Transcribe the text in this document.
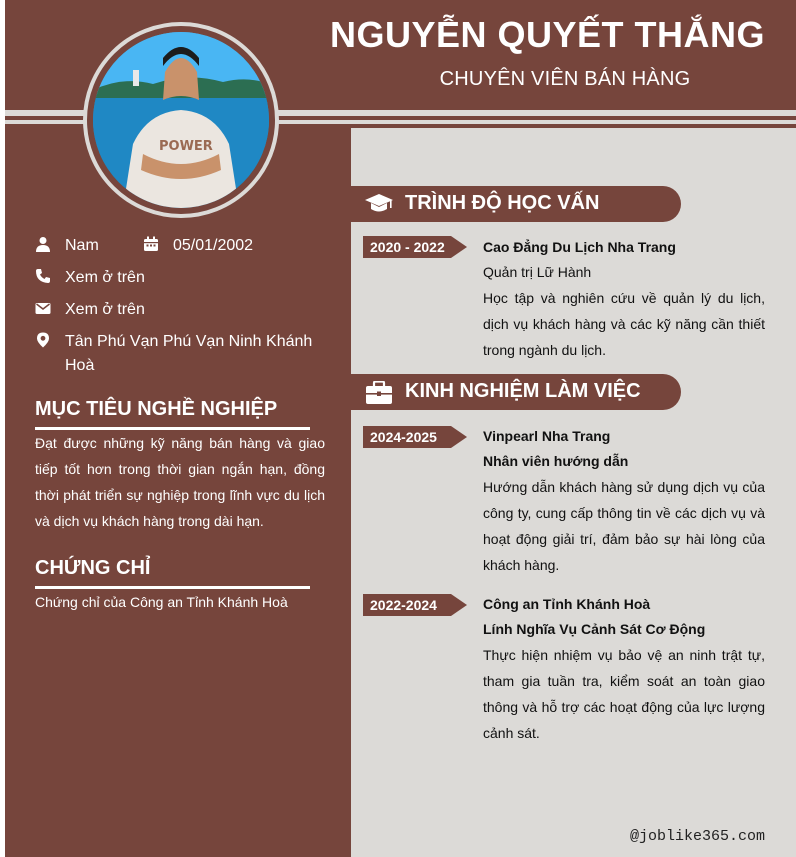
NGUYỄN QUYẾT THẮNG
CHUYÊN VIÊN BÁN HÀNG
POWER
Nam	05/01/2002
Xem ở trên
Xem ở trên
Tân Phú Vạn Phú Vạn Ninh Khánh Hoà
MỤC TIÊU NGHỀ NGHIỆP

Đạt được những kỹ năng bán hàng và giao tiếp tốt hơn trong thời gian ngắn hạn, đồng thời phát triển sự nghiệp trong lĩnh vực du lịch và dịch vụ khách hàng trong dài hạn.

CHỨNG CHỈ

Chứng chỉ của Công an Tỉnh Khánh Hoà

TRÌNH ĐỘ HỌC VẤN
2020 - 2022	Cao Đẳng Du Lịch Nha Trang
Quản trị Lữ Hành

Học tập và nghiên cứu về quản lý du lịch, dịch vụ khách hàng và các kỹ năng cần thiết trong ngành du lịch.

KINH NGHIỆM LÀM VIỆC
2024-2025	Vinpearl Nha Trang
Nhân viên hướng dẫn

Hướng dẫn khách hàng sử dụng dịch vụ của công ty, cung cấp thông tin về các dịch vụ và hoạt động giải trí, đảm bảo sự hài lòng của khách hàng.

2022-2024	Công an Tỉnh Khánh Hoà
Lính Nghĩa Vụ Cảnh Sát Cơ Động

Thực hiện nhiệm vụ bảo vệ an ninh trật tự, tham gia tuần tra, kiểm soát an toàn giao thông và hỗ trợ các hoạt động của lực lượng cảnh sát.

@joblike365.com
